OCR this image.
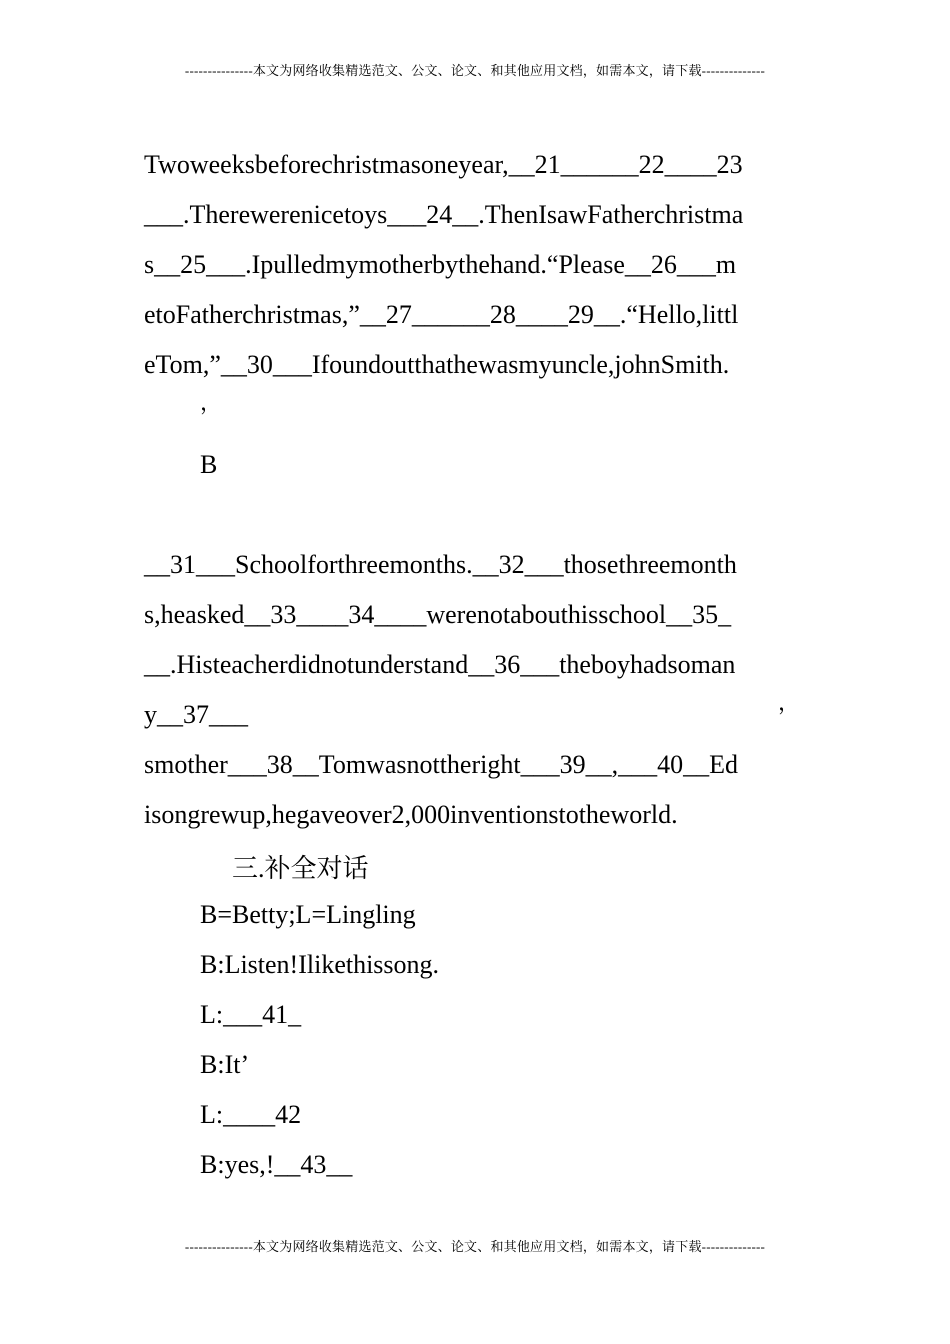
---------------本文为网络收集精选范文、公文、论文、和其他应用文档，如需本文，请下载--------------
Twoweeksbeforechristmasoneyear,__21______22____23
___.Therewerenicetoys___24__.ThenIsawFatherchristma
s__25___.Ipulledmymotherbythehand.“Please__26___m
etoFatherchristmas,”__27______28____29__.“Hello,littl
eTom,”__30___Ifoundoutthathewasmyuncle,johnSmith.
，
B
__31___Schoolforthreemonths.__32___thosethreemonth
s,heasked__33____34____werenotabouthisschool__35_
__.Histeacherdidnotunderstand__36___theboyhadsoman
y__37___	，
smother___38__Tomwasnottheright___39__,___40__Ed
isongrewup,hegaveover2,000inventionstotheworld.
三.补全对话
B=Betty;L=Lingling
B:Listen!Ilikethissong.
L:___41_
B:It’
L:____42
B:yes,!__43__
---------------本文为网络收集精选范文、公文、论文、和其他应用文档，如需本文，请下载--------------
